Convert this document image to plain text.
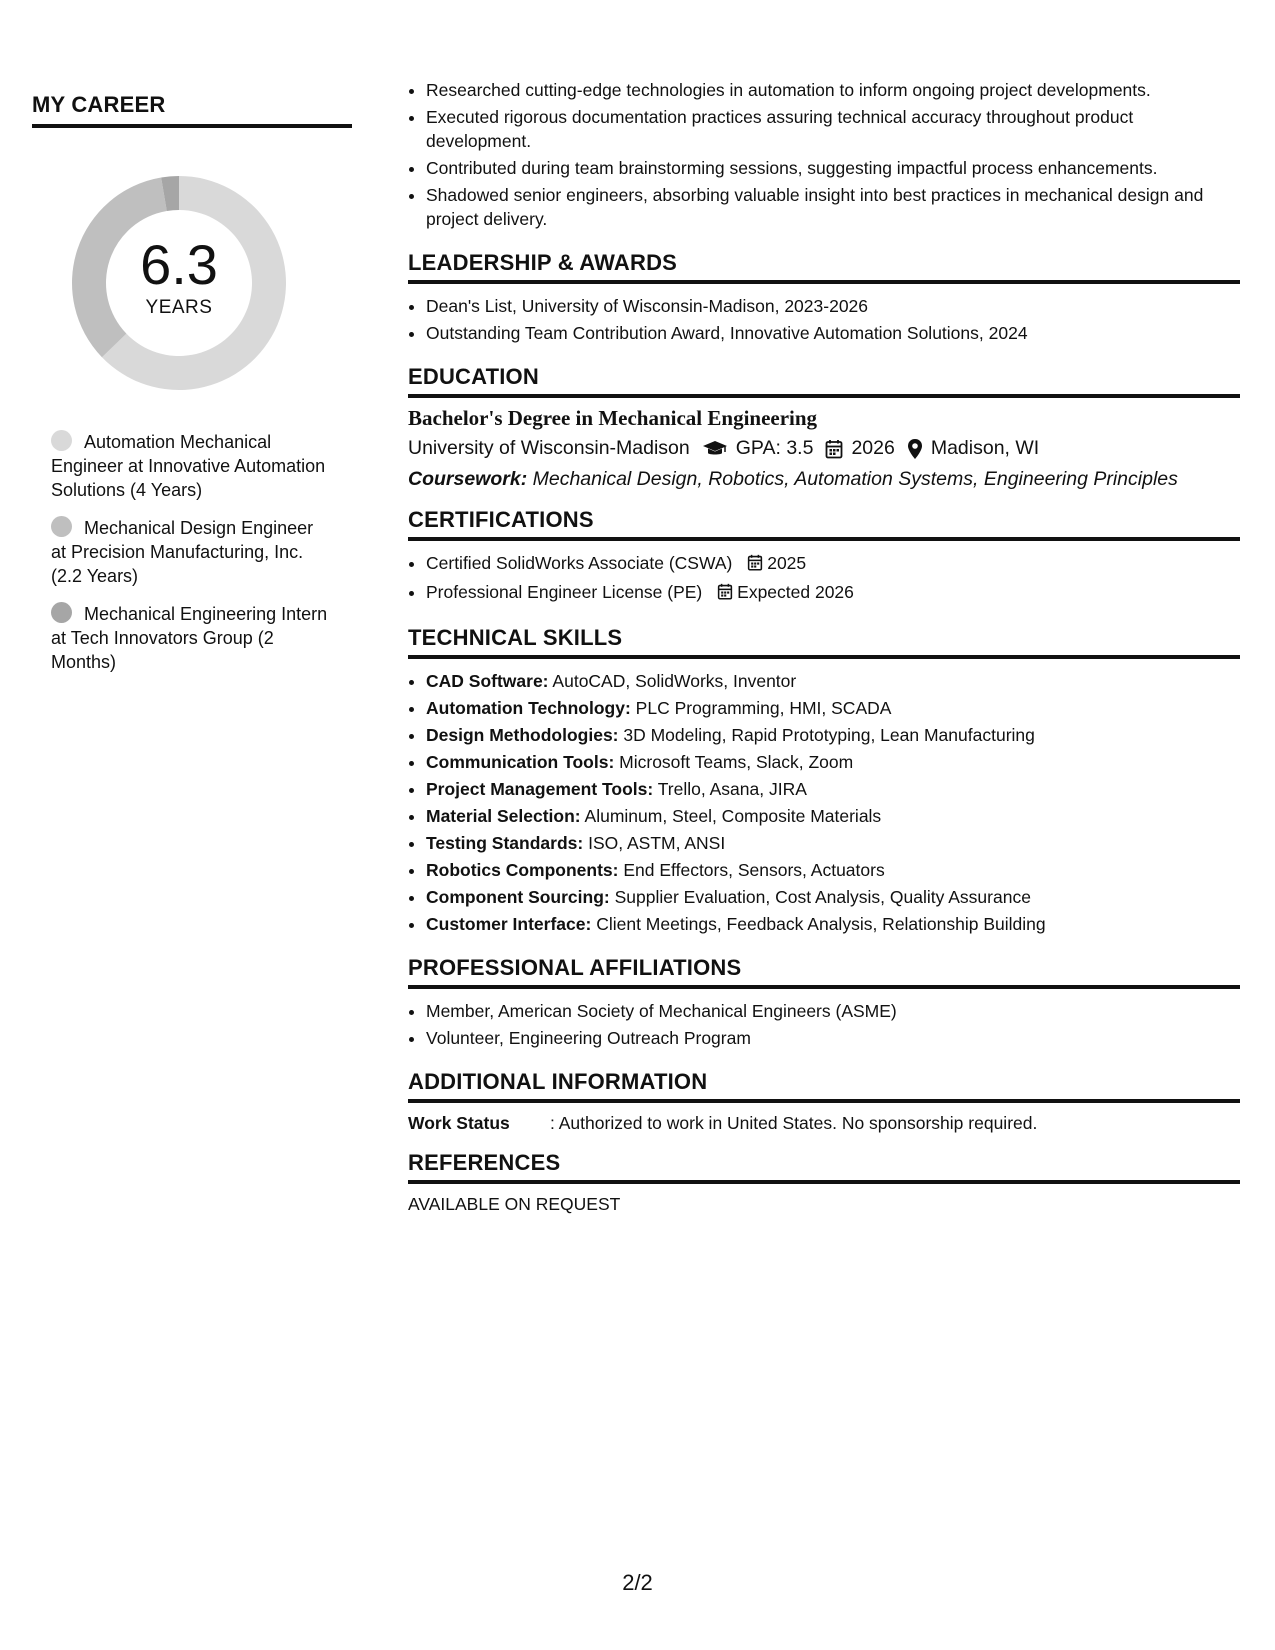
MY CAREER
6.3
YEARS
Automation Mechanical Engineer at Innovative Automation Solutions (4 Years)
Mechanical Design Engineer at Precision Manufacturing, Inc. (2.2 Years)
Mechanical Engineering Intern at Tech Innovators Group (2 Months)
• Researched cutting-edge technologies in automation to inform ongoing project developments.
• Executed rigorous documentation practices assuring technical accuracy throughout product development.
• Contributed during team brainstorming sessions, suggesting impactful process enhancements.
• Shadowed senior engineers, absorbing valuable insight into best practices in mechanical design and project delivery.
LEADERSHIP & AWARDS
• Dean's List, University of Wisconsin-Madison, 2023-2026
• Outstanding Team Contribution Award, Innovative Automation Solutions, 2024
EDUCATION
Bachelor's Degree in Mechanical Engineering
University of Wisconsin-Madison GPA: 3.5 2026 Madison, WI
Coursework: Mechanical Design, Robotics, Automation Systems, Engineering Principles
CERTIFICATIONS
• Certified SolidWorks Associate (CSWA) 2025
• Professional Engineer License (PE) Expected 2026
TECHNICAL SKILLS
• CAD Software: AutoCAD, SolidWorks, Inventor
• Automation Technology: PLC Programming, HMI, SCADA
• Design Methodologies: 3D Modeling, Rapid Prototyping, Lean Manufacturing
• Communication Tools: Microsoft Teams, Slack, Zoom
• Project Management Tools: Trello, Asana, JIRA
• Material Selection: Aluminum, Steel, Composite Materials
• Testing Standards: ISO, ASTM, ANSI
• Robotics Components: End Effectors, Sensors, Actuators
• Component Sourcing: Supplier Evaluation, Cost Analysis, Quality Assurance
• Customer Interface: Client Meetings, Feedback Analysis, Relationship Building
PROFESSIONAL AFFILIATIONS
• Member, American Society of Mechanical Engineers (ASME)
• Volunteer, Engineering Outreach Program
ADDITIONAL INFORMATION
Work Status	: Authorized to work in United States. No sponsorship required.
REFERENCES
AVAILABLE ON REQUEST
2/2
